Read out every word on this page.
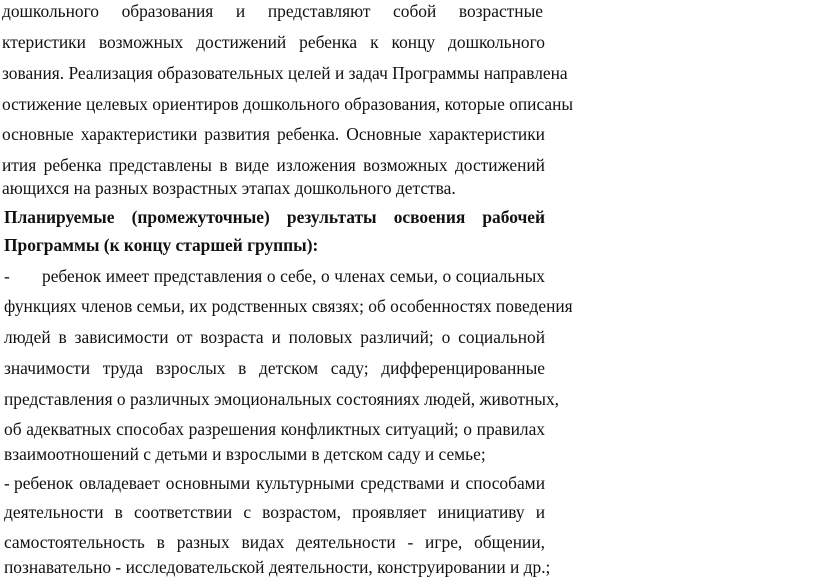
дошкольного образования и представляют собой возрастные
ктеристики возможных достижений ребенка к концу дошкольного
зования. Реализация образовательных целей и задач Программы направлена
остижение целевых ориентиров дошкольного образования, которые описаны
основные характеристики развития ребенка. Основные характеристики
ития ребенка представлены в виде изложения возможных достижений
ающихся на разных возрастных этапах дошкольного детства.
Планируемые (промежуточные) результаты освоения рабочей
Программы (к концу старшей группы):
- ребенок имеет представления о себе, о членах семьи, о социальных
функциях членов семьи, их родственных связях; об особенностях поведения
людей в зависимости от возраста и половых различий; о социальной
значимости труда взрослых в детском саду; дифференцированные
представления о различных эмоциональных состояниях людей, животных,
об адекватных способах разрешения конфликтных ситуаций; о правилах
взаимоотношений с детьми и взрослыми в детском саду и семье;
- ребенок овладевает основными культурными средствами и способами
деятельности в соответствии с возрастом, проявляет инициативу и
самостоятельность в разных видах деятельности - игре, общении,
познавательно - исследовательской деятельности, конструировании и др.;
